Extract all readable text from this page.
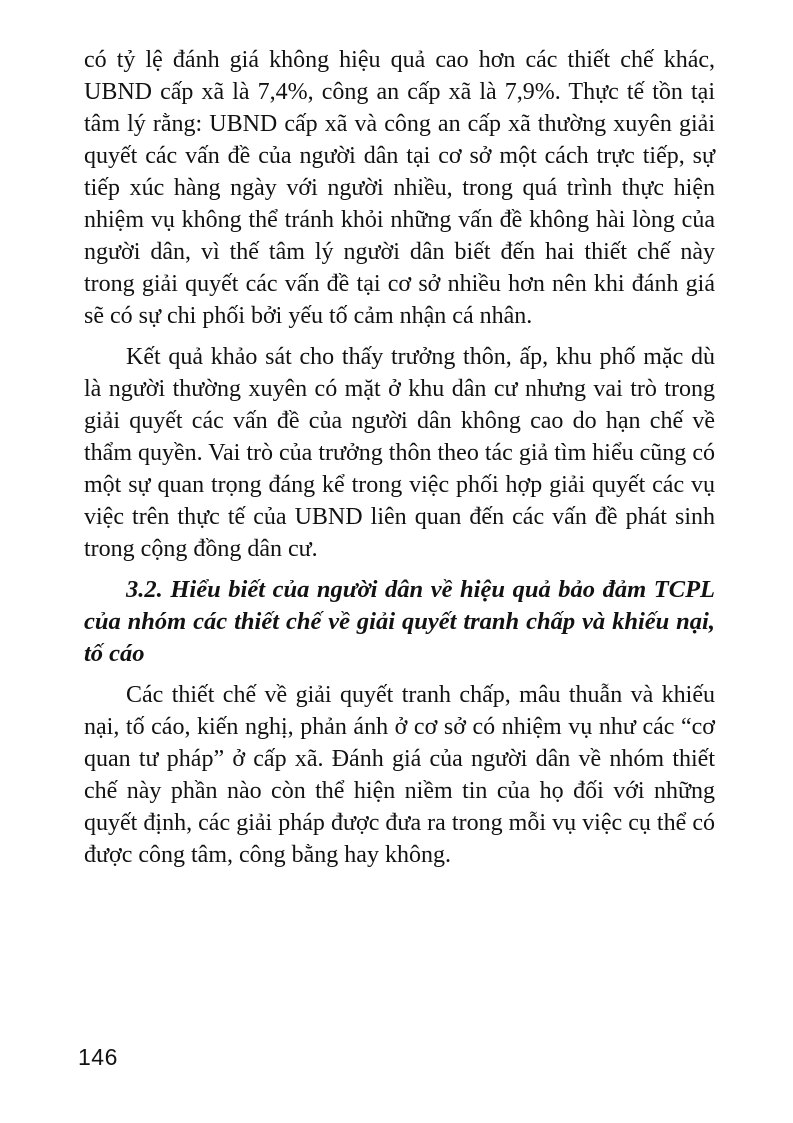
có tỷ lệ đánh giá không hiệu quả cao hơn các thiết chế khác, UBND cấp xã là 7,4%, công an cấp xã là 7,9%. Thực tế tồn tại tâm lý rằng: UBND cấp xã và công an cấp xã thường xuyên giải quyết các vấn đề của người dân tại cơ sở một cách trực tiếp, sự tiếp xúc hàng ngày với người nhiều, trong quá trình thực hiện nhiệm vụ không thể tránh khỏi những vấn đề không hài lòng của người dân, vì thế tâm lý người dân biết đến hai thiết chế này trong giải quyết các vấn đề tại cơ sở nhiều hơn nên khi đánh giá sẽ có sự chi phối bởi yếu tố cảm nhận cá nhân.

Kết quả khảo sát cho thấy trưởng thôn, ấp, khu phố mặc dù là người thường xuyên có mặt ở khu dân cư nhưng vai trò trong giải quyết các vấn đề của người dân không cao do hạn chế về thẩm quyền. Vai trò của trưởng thôn theo tác giả tìm hiểu cũng có một sự quan trọng đáng kể trong việc phối hợp giải quyết các vụ việc trên thực tế của UBND liên quan đến các vấn đề phát sinh trong cộng đồng dân cư.

3.2. Hiểu biết của người dân về hiệu quả bảo đảm TCPL của nhóm các thiết chế về giải quyết tranh chấp và khiếu nại, tố cáo

Các thiết chế về giải quyết tranh chấp, mâu thuẫn và khiếu nại, tố cáo, kiến nghị, phản ánh ở cơ sở có nhiệm vụ như các “cơ quan tư pháp” ở cấp xã. Đánh giá của người dân về nhóm thiết chế này phần nào còn thể hiện niềm tin của họ đối với những quyết định, các giải pháp được đưa ra trong mỗi vụ việc cụ thể có được công tâm, công bằng hay không.

146
